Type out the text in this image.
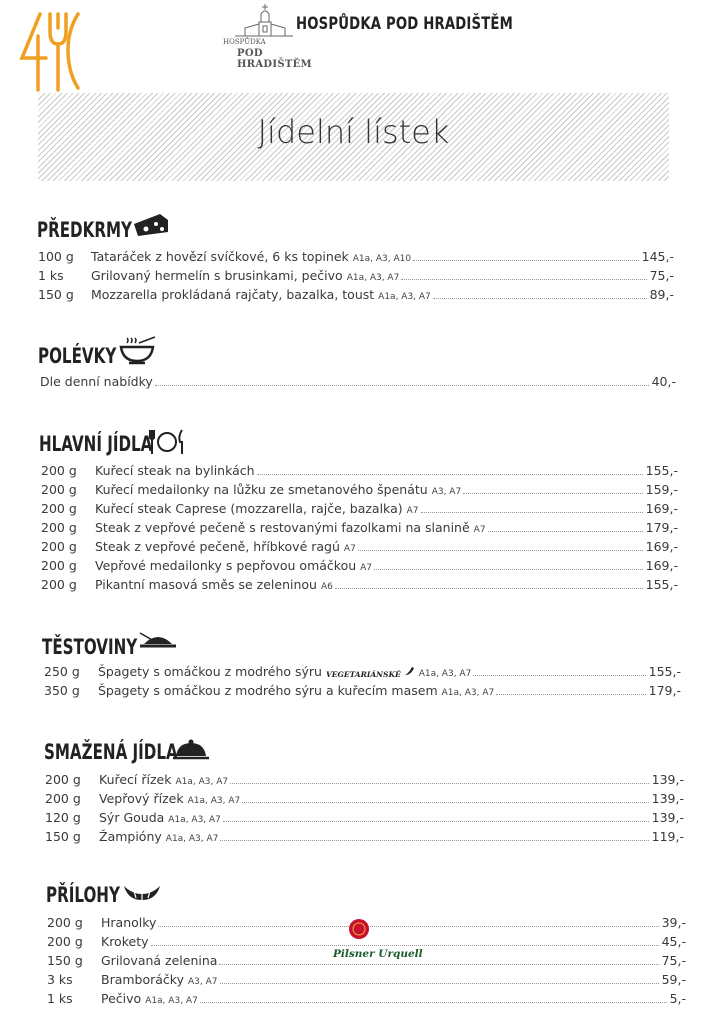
HOSPŮDKA
POD HRADIŠTĚM
HOSPŮDKA POD HRADIŠTĚM
Jídelní lístek
PŘEDKRMY
100 g	Tataráček z hovězí svíčkové, 6 ks topinek A1a, A3, A10	145,-
1 ks	Grilovaný hermelín s brusinkami, pečivo A1a, A3, A7	75,-
150 g	Mozzarella prokládaná rajčaty, bazalka, toust A1a, A3, A7	89,-
POLÉVKY
Dle denní nabídky	40,-
HLAVNÍ JÍDLA
200 g	Kuřecí steak na bylinkách	155,-
200 g	Kuřecí medailonky na lůžku ze smetanového špenátu A3, A7	159,-
200 g	Kuřecí steak Caprese (mozzarella, rajče, bazalka) A7	169,-
200 g	Steak z vepřové pečeně s restovanými fazolkami na slanině A7	179,-
200 g	Steak z vepřové pečeně, hříbkové ragú A7	169,-
200 g	Vepřové medailonky s pepřovou omáčkou A7	169,-
200 g	Pikantní masová směs se zeleninou A6	155,-
TĚSTOVINY
250 g	Špagety s omáčkou z modrého sýru VEGETARIÁNSKÉ A1a, A3, A7	155,-
350 g	Špagety s omáčkou z modrého sýru a kuřecím masem A1a, A3, A7	179,-
SMAŽENÁ JÍDLA
200 g	Kuřecí řízek A1a, A3, A7	139,-
200 g	Vepřový řízek A1a, A3, A7	139,-
120 g	Sýr Gouda A1a, A3, A7	139,-
150 g	Žampióny A1a, A3, A7	119,-
PŘÍLOHY
200 g	Hranolky	39,-
200 g	Krokety	45,-
150 g	Grilovaná zelenina	75,-
3 ks	Bramboráčky A3, A7	59,-
1 ks	Pečivo A1a, A3, A7	5,-
Pilsner Urquell
